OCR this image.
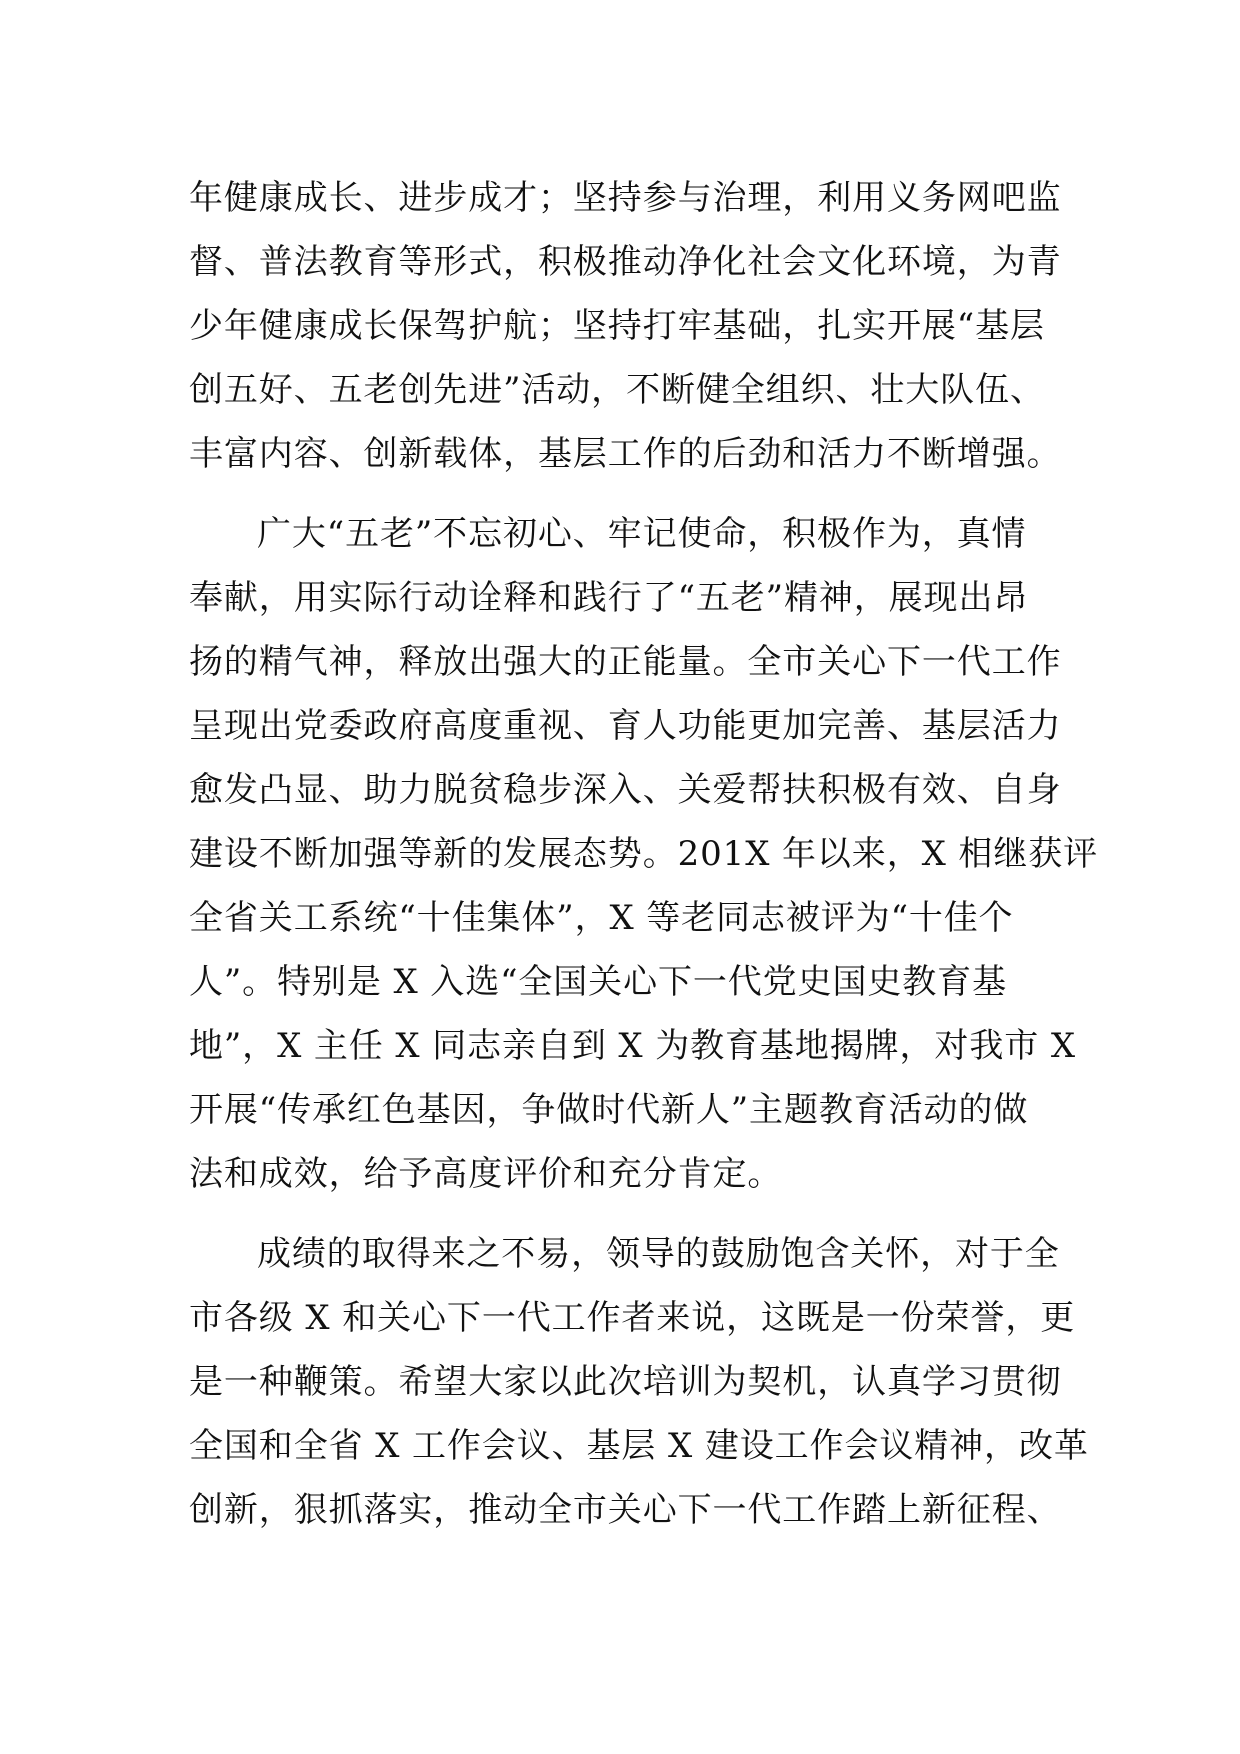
年健康成长、进步成才；坚持参与治理，利用义务网吧监
督、普法教育等形式，积极推动净化社会文化环境，为青
少年健康成长保驾护航；坚持打牢基础，扎实开展“基层
创五好、五老创先进”活动，不断健全组织、壮大队伍、
丰富内容、创新载体，基层工作的后劲和活力不断增强。

广大“五老”不忘初心、牢记使命，积极作为，真情
奉献，用实际行动诠释和践行了“五老”精神，展现出昂
扬的精气神，释放出强大的正能量。全市关心下一代工作
呈现出党委政府高度重视、育人功能更加完善、基层活力
愈发凸显、助力脱贫稳步深入、关爱帮扶积极有效、自身
建设不断加强等新的发展态势。201X 年以来，X 相继获评
全省关工系统“十佳集体”，X 等老同志被评为“十佳个
人”。特别是 X 入选“全国关心下一代党史国史教育基
地”，X 主任 X 同志亲自到 X 为教育基地揭牌，对我市 X
开展“传承红色基因，争做时代新人”主题教育活动的做
法和成效，给予高度评价和充分肯定。

成绩的取得来之不易，领导的鼓励饱含关怀，对于全
市各级 X 和关心下一代工作者来说，这既是一份荣誉，更
是一种鞭策。希望大家以此次培训为契机，认真学习贯彻
全国和全省 X 工作会议、基层 X 建设工作会议精神，改革
创新，狠抓落实，推动全市关心下一代工作踏上新征程、
